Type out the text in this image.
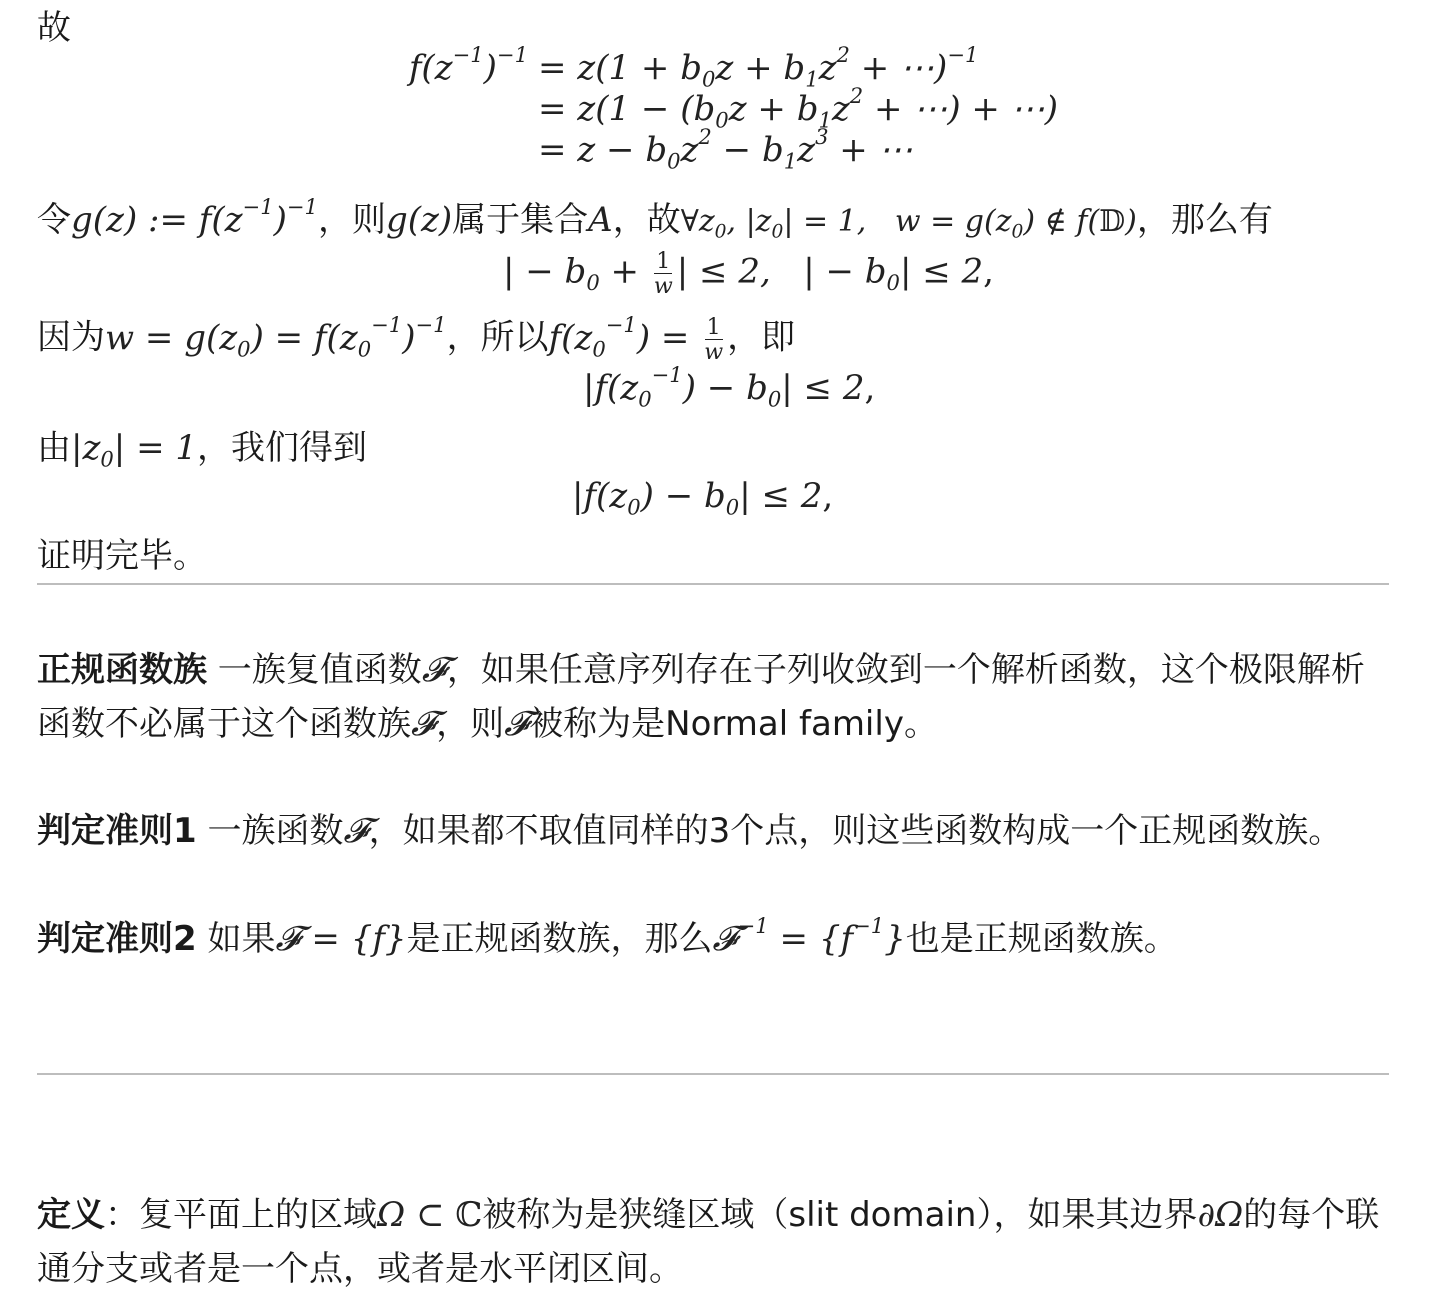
故
$f(z^{-1})^{-1} = z(1 + b_0z + b_1z^2$ + ⋯)$^{-1}$
= $z(1 - (b_0z + b_1z^2$ + ⋯) + ⋯)
= $z - b_0z^2 - b_1z^3$ + ⋯
令g(z) := $f(z^{-1})^{-1}$，则g(z)属于集合A，故$\forall z_0$, $|z_0| = 1$,   $w = g(z_0)$ ∉ f(𝔻)，那么有
| − $b_0 + \frac{1}{w}$ | ≤ 2,   | − $b_0| \le 2$,
因为$w = g(z_0) = f(z_0^{-1})^{-1}$，所以$f(z_0^{-1}) = \frac{1}{w}$ ，即
$|f(z_0^{-1}) - b_0| \le 2$,
由$|z_0| = 1$，我们得到
$|f(z_0) - b_0| \le 2$,
证明完毕。
正规函数族 一族复值函数𝓕，如果任意序列存在子列收敛到一个解析函数，这个极限解析函数不必属于这个函数族𝓕，则𝓕被称为是Normal family。
判定准则1 一族函数𝓕，如果都不取值同样的3个点，则这些函数构成一个正规函数族。
判定准则2 如果𝓕 = {f}是正规函数族，那么𝓕$^{-1}$ = $\{f^{-1}\}$也是正规函数族。
定义：复平面上的区域Ω ⊂ ℂ被称为是狭缝区域（slit domain），如果其边界∂Ω的每个联通分支或者是一个点，或者是水平闭区间。
